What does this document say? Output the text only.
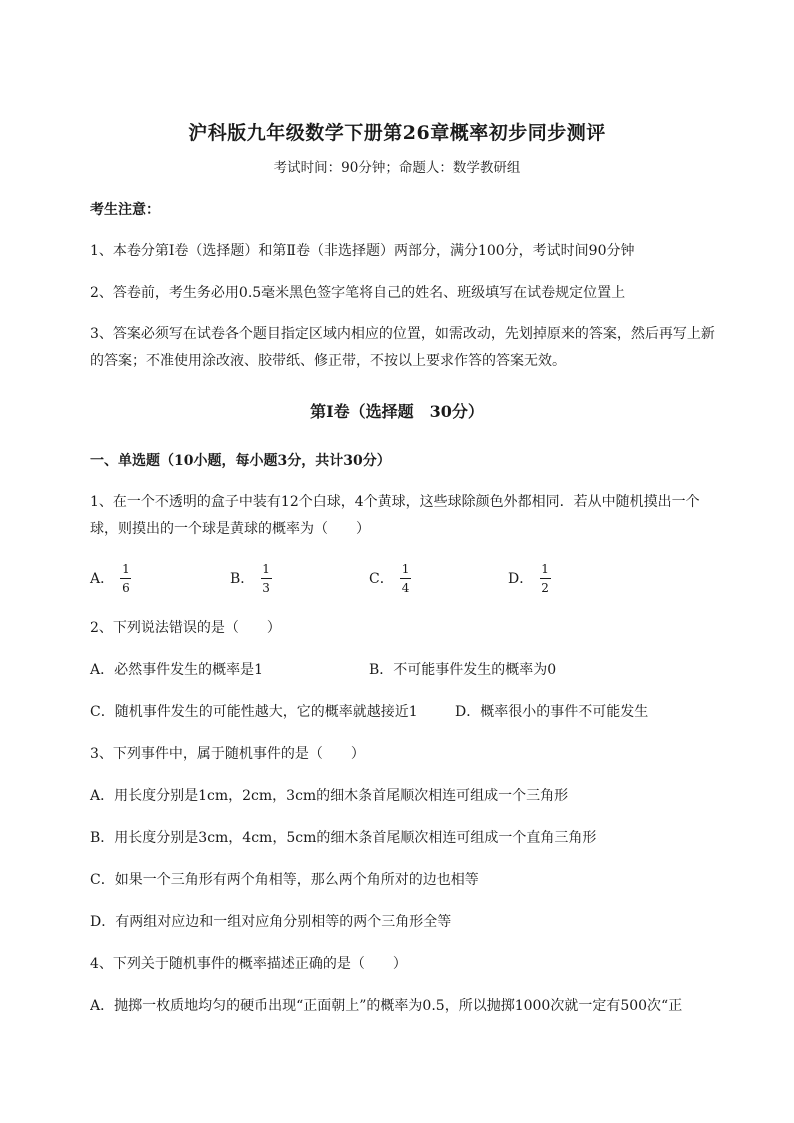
沪科版九年级数学下册第26章概率初步同步测评
考试时间：90分钟；命题人：数学教研组
考生注意：
1、本卷分第Ⅰ卷（选择题）和第Ⅱ卷（非选择题）两部分，满分100分，考试时间90分钟
2、答卷前，考生务必用0.5毫米黑色签字笔将自己的姓名、班级填写在试卷规定位置上
3、答案必须写在试卷各个题目指定区域内相应的位置，如需改动，先划掉原来的答案，然后再写上新
的答案；不准使用涂改液、胶带纸、修正带，不按以上要求作答的答案无效。
第Ⅰ卷（选择题　30分）
一、单选题（10小题，每小题3分，共计30分）
1、在一个不透明的盒子中装有12个白球，4个黄球，这些球除颜色外都相同．若从中随机摸出一个
球，则摸出的一个球是黄球的概率为（　　）
A． $\frac{1}{6}$	B． $\frac{1}{3}$	C． $\frac{1}{4}$	D． $\frac{1}{2}$
2、下列说法错误的是（　　）
A．必然事件发生的概率是1	B．不可能事件发生的概率为0
C．随机事件发生的可能性越大，它的概率就越接近1	D．概率很小的事件不可能发生
3、下列事件中，属于随机事件的是（　　）
A．用长度分别是1cm，2cm，3cm的细木条首尾顺次相连可组成一个三角形
B．用长度分别是3cm，4cm，5cm的细木条首尾顺次相连可组成一个直角三角形
C．如果一个三角形有两个角相等，那么两个角所对的边也相等
D．有两组对应边和一组对应角分别相等的两个三角形全等
4、下列关于随机事件的概率描述正确的是（　　）
A．抛掷一枚质地均匀的硬币出现“正面朝上”的概率为0.5，所以抛掷1000次就一定有500次“正
